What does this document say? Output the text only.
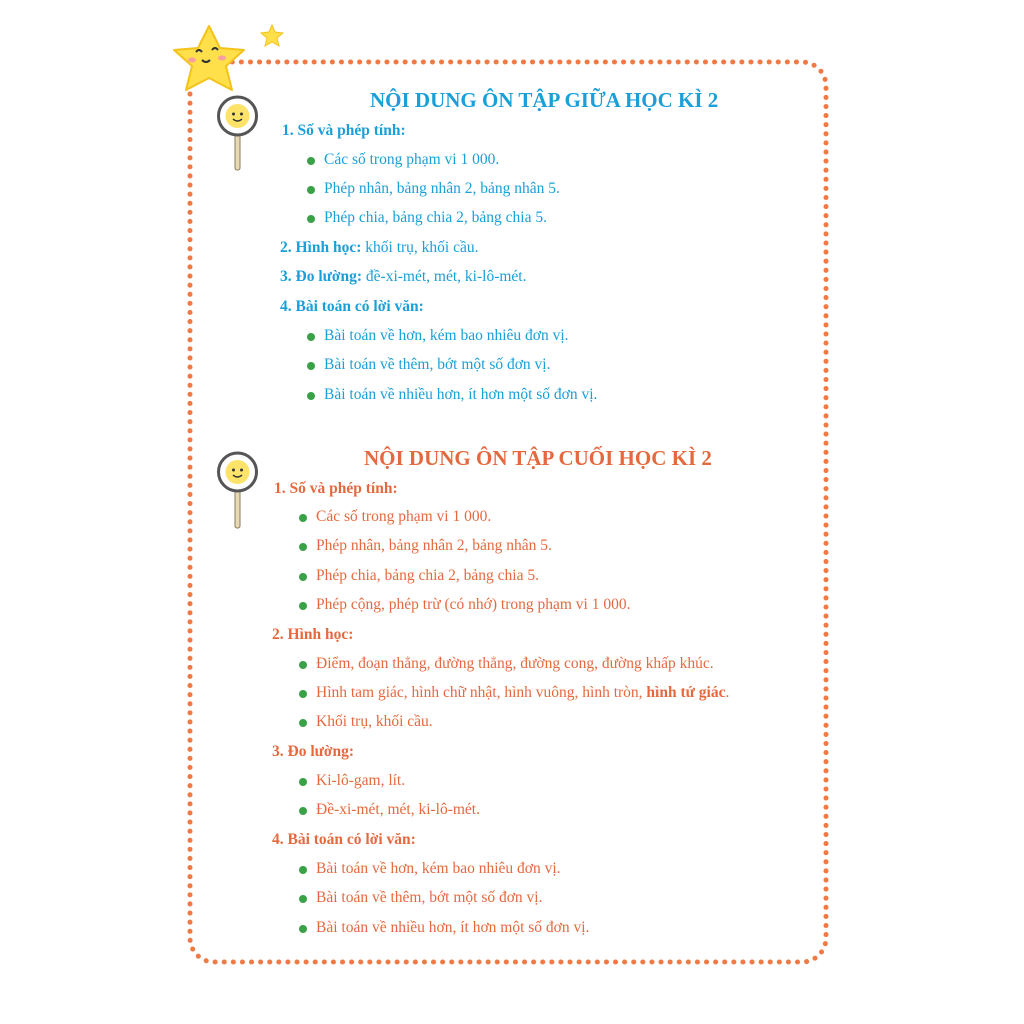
NỘI DUNG ÔN TẬP GIỮA HỌC KÌ 2
1. Số và phép tính:
Các số trong phạm vi 1 000.
Phép nhân, bảng nhân 2, bảng nhân 5.
Phép chia, bảng chia 2, bảng chia 5.
2. Hình học: khối trụ, khối cầu.
3. Đo lường: đề-xi-mét, mét, ki-lô-mét.
4. Bài toán có lời văn:
Bài toán về hơn, kém bao nhiêu đơn vị.
Bài toán về thêm, bớt một số đơn vị.
Bài toán về nhiều hơn, ít hơn một số đơn vị.
NỘI DUNG ÔN TẬP CUỐI HỌC KÌ 2
1. Số và phép tính:
Các số trong phạm vi 1 000.
Phép nhân, bảng nhân 2, bảng nhân 5.
Phép chia, bảng chia 2, bảng chia 5.
Phép cộng, phép trừ (có nhớ) trong phạm vi 1 000.
2. Hình học:
Điểm, đoạn thẳng, đường thẳng, đường cong, đường khấp khúc.
Hình tam giác, hình chữ nhật, hình vuông, hình tròn, hình tứ giác.
Khối trụ, khối cầu.
3. Đo lường:
Ki-lô-gam, lít.
Đề-xi-mét, mét, ki-lô-mét.
4. Bài toán có lời văn:
Bài toán về hơn, kém bao nhiêu đơn vị.
Bài toán về thêm, bớt một số đơn vị.
Bài toán về nhiều hơn, ít hơn một số đơn vị.
